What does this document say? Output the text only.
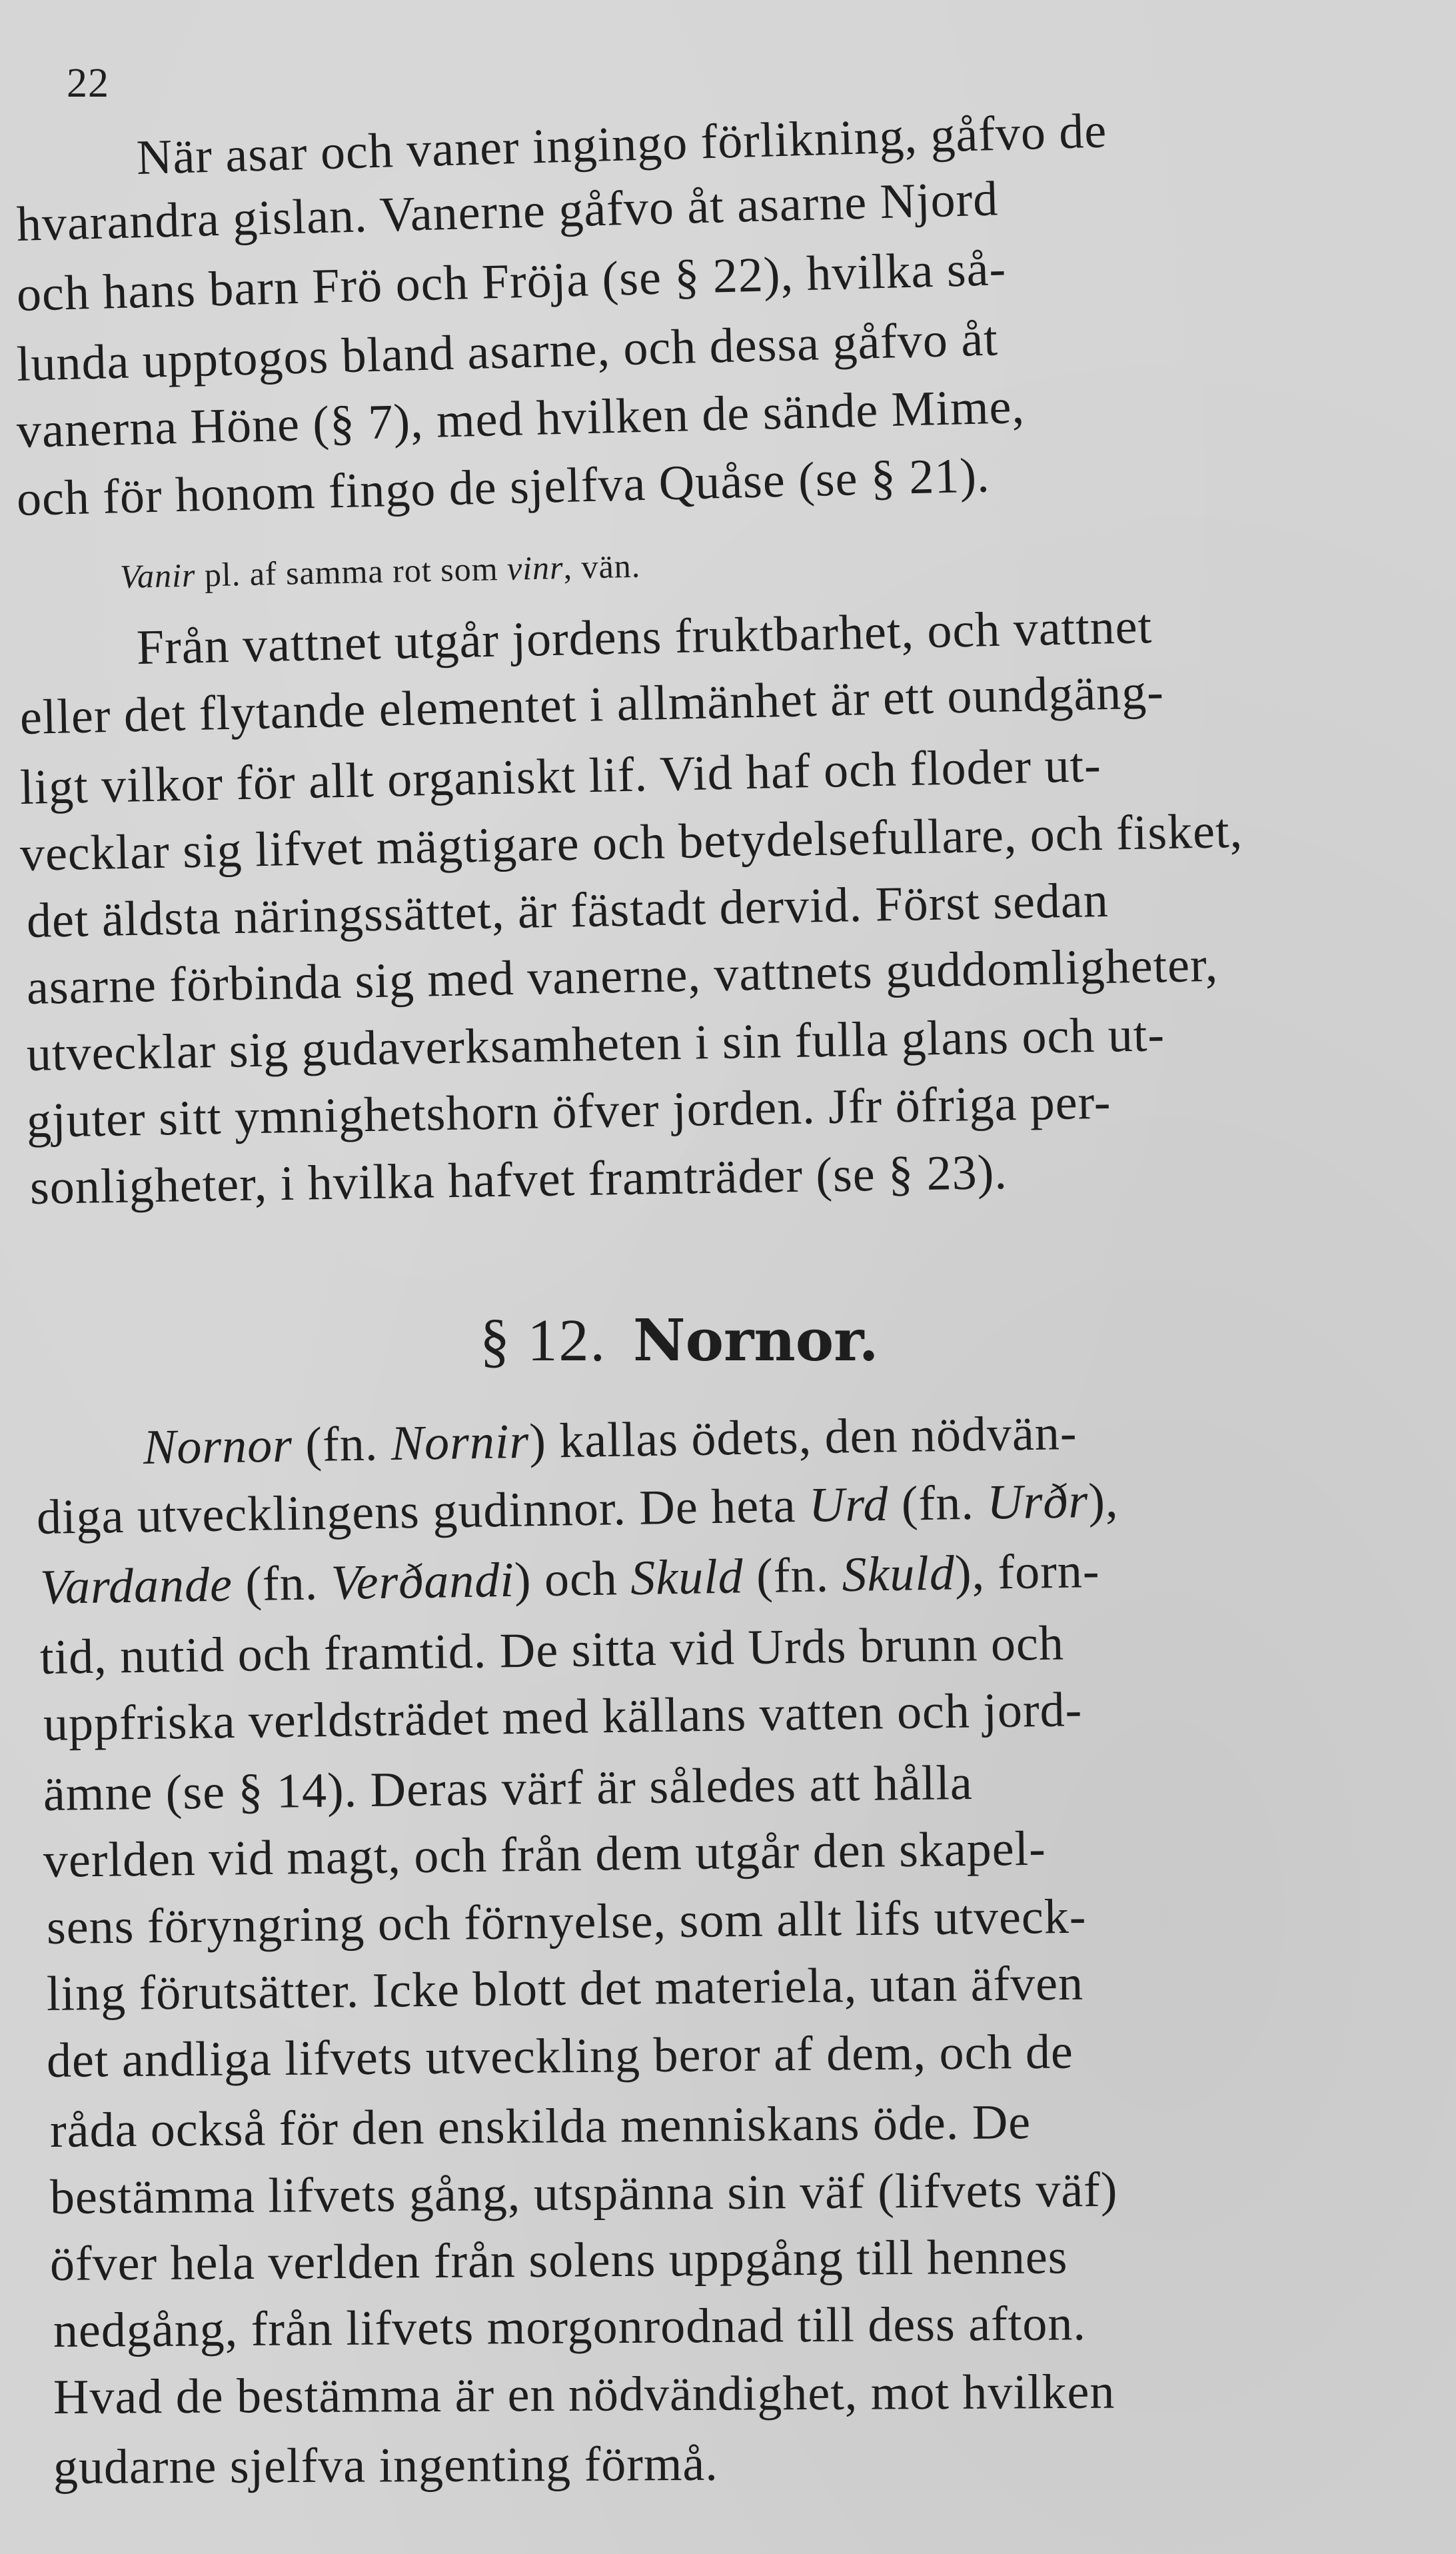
22
När asar och vaner ingingo förlikning, gåfvo de
hvarandra gislan. Vanerne gåfvo åt asarne Njord
och hans barn Frö och Fröja (se § 22), hvilka så-
lunda upptogos bland asarne, och dessa gåfvo åt
vanerna Höne (§ 7), med hvilken de sände Mime,
och för honom fingo de sjelfva Quåse (se § 21).
Vanir pl. af samma rot som vinr, vän.
Från vattnet utgår jordens fruktbarhet, och vattnet
eller det flytande elementet i allmänhet är ett oundgäng-
ligt vilkor för allt organiskt lif. Vid haf och floder ut-
vecklar sig lifvet mägtigare och betydelsefullare, och fisket,
det äldsta näringssättet, är fästadt dervid. Först sedan
asarne förbinda sig med vanerne, vattnets guddomligheter,
utvecklar sig gudaverksamheten i sin fulla glans och ut-
gjuter sitt ymnighetshorn öfver jorden. Jfr öfriga per-
sonligheter, i hvilka hafvet framträder (se § 23).
§ 12. Nornor.
Nornor (fn. Nornir) kallas ödets, den nödvän-
diga utvecklingens gudinnor. De heta Urd (fn. Urðr),
Vardande (fn. Verðandi) och Skuld (fn. Skuld), forn-
tid, nutid och framtid. De sitta vid Urds brunn och
uppfriska verldsträdet med källans vatten och jord-
ämne (se § 14). Deras värf är således att hålla
verlden vid magt, och från dem utgår den skapel-
sens föryngring och förnyelse, som allt lifs utveck-
ling förutsätter. Icke blott det materiela, utan äfven
det andliga lifvets utveckling beror af dem, och de
råda också för den enskilda menniskans öde. De
bestämma lifvets gång, utspänna sin väf (lifvets väf)
öfver hela verlden från solens uppgång till hennes
nedgång, från lifvets morgonrodnad till dess afton.
Hvad de bestämma är en nödvändighet, mot hvilken
gudarne sjelfva ingenting förmå.
